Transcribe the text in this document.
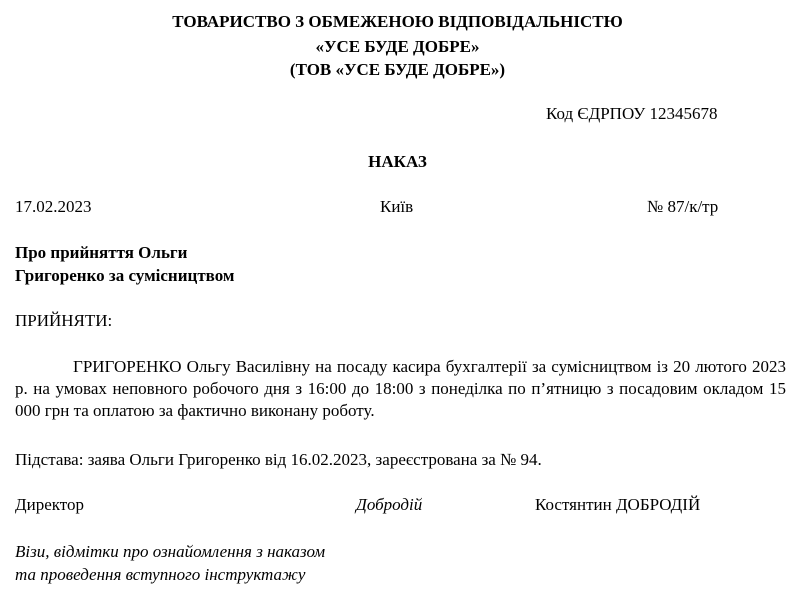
ТОВАРИСТВО З ОБМЕЖЕНОЮ ВІДПОВІДАЛЬНІСТЮ
«УСЕ БУДЕ ДОБРЕ»
(ТОВ «УСЕ БУДЕ ДОБРЕ»)
Код ЄДРПОУ 12345678
НАКАЗ
17.02.2023	Київ	№ 87/к/тр
Про прийняття Ольги
Григоренко за сумісництвом
ПРИЙНЯТИ:

ГРИГОРЕНКО Ольгу Василівну на посаду касира бухгалтерії за сумісництвом із 20 лютого 2023 р. на умовах неповного робочого дня з 16:00 до 18:00 з понеділка по п’ятницю з посадовим окладом 15 000 грн та оплатою за фактично виконану роботу.

Підстава: заява Ольги Григоренко від 16.02.2023, зареєстрована за № 94.
Директор	Добродій	Костянтин ДОБРОДІЙ
Візи, відмітки про ознайомлення з наказом
та проведення вступного інструктажу
